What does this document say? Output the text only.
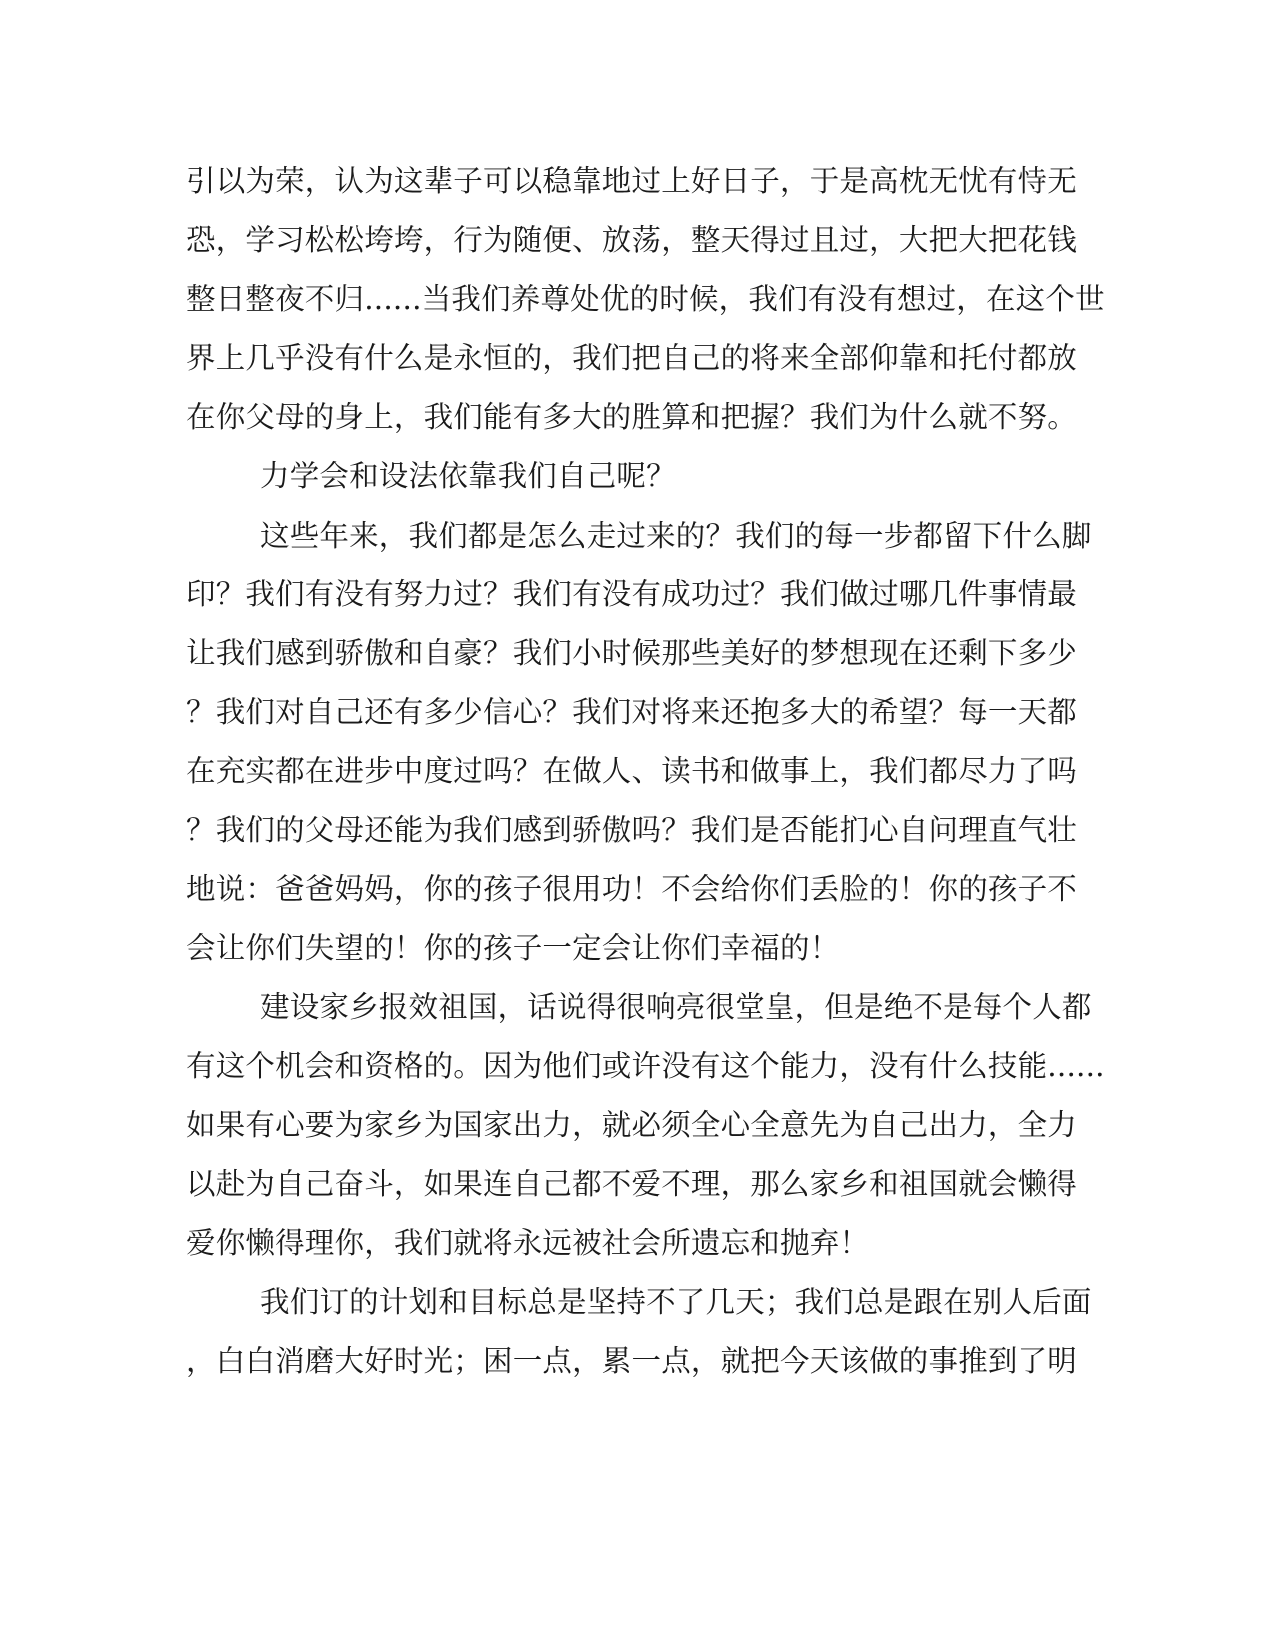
引以为荣，认为这辈子可以稳靠地过上好日子，于是高枕无忧有恃无
恐，学习松松垮垮，行为随便、放荡，整天得过且过，大把大把花钱
整日整夜不归......当我们养尊处优的时候，我们有没有想过，在这个世
界上几乎没有什么是永恒的，我们把自己的将来全部仰靠和托付都放
在你父母的身上，我们能有多大的胜算和把握？我们为什么就不努。
力学会和设法依靠我们自己呢？
这些年来，我们都是怎么走过来的？我们的每一步都留下什么脚
印？我们有没有努力过？我们有没有成功过？我们做过哪几件事情最
让我们感到骄傲和自豪？我们小时候那些美好的梦想现在还剩下多少
？我们对自己还有多少信心？我们对将来还抱多大的希望？每一天都
在充实都在进步中度过吗？在做人、读书和做事上，我们都尽力了吗
？我们的父母还能为我们感到骄傲吗？我们是否能扪心自问理直气壮
地说：爸爸妈妈，你的孩子很用功！不会给你们丢脸的！你的孩子不
会让你们失望的！你的孩子一定会让你们幸福的！
建设家乡报效祖国，话说得很响亮很堂皇，但是绝不是每个人都
有这个机会和资格的。因为他们或许没有这个能力，没有什么技能......
如果有心要为家乡为国家出力，就必须全心全意先为自己出力，全力
以赴为自己奋斗，如果连自己都不爱不理，那么家乡和祖国就会懒得
爱你懒得理你，我们就将永远被社会所遗忘和抛弃！
我们订的计划和目标总是坚持不了几天；我们总是跟在别人后面
，白白消磨大好时光；困一点，累一点，就把今天该做的事推到了明
